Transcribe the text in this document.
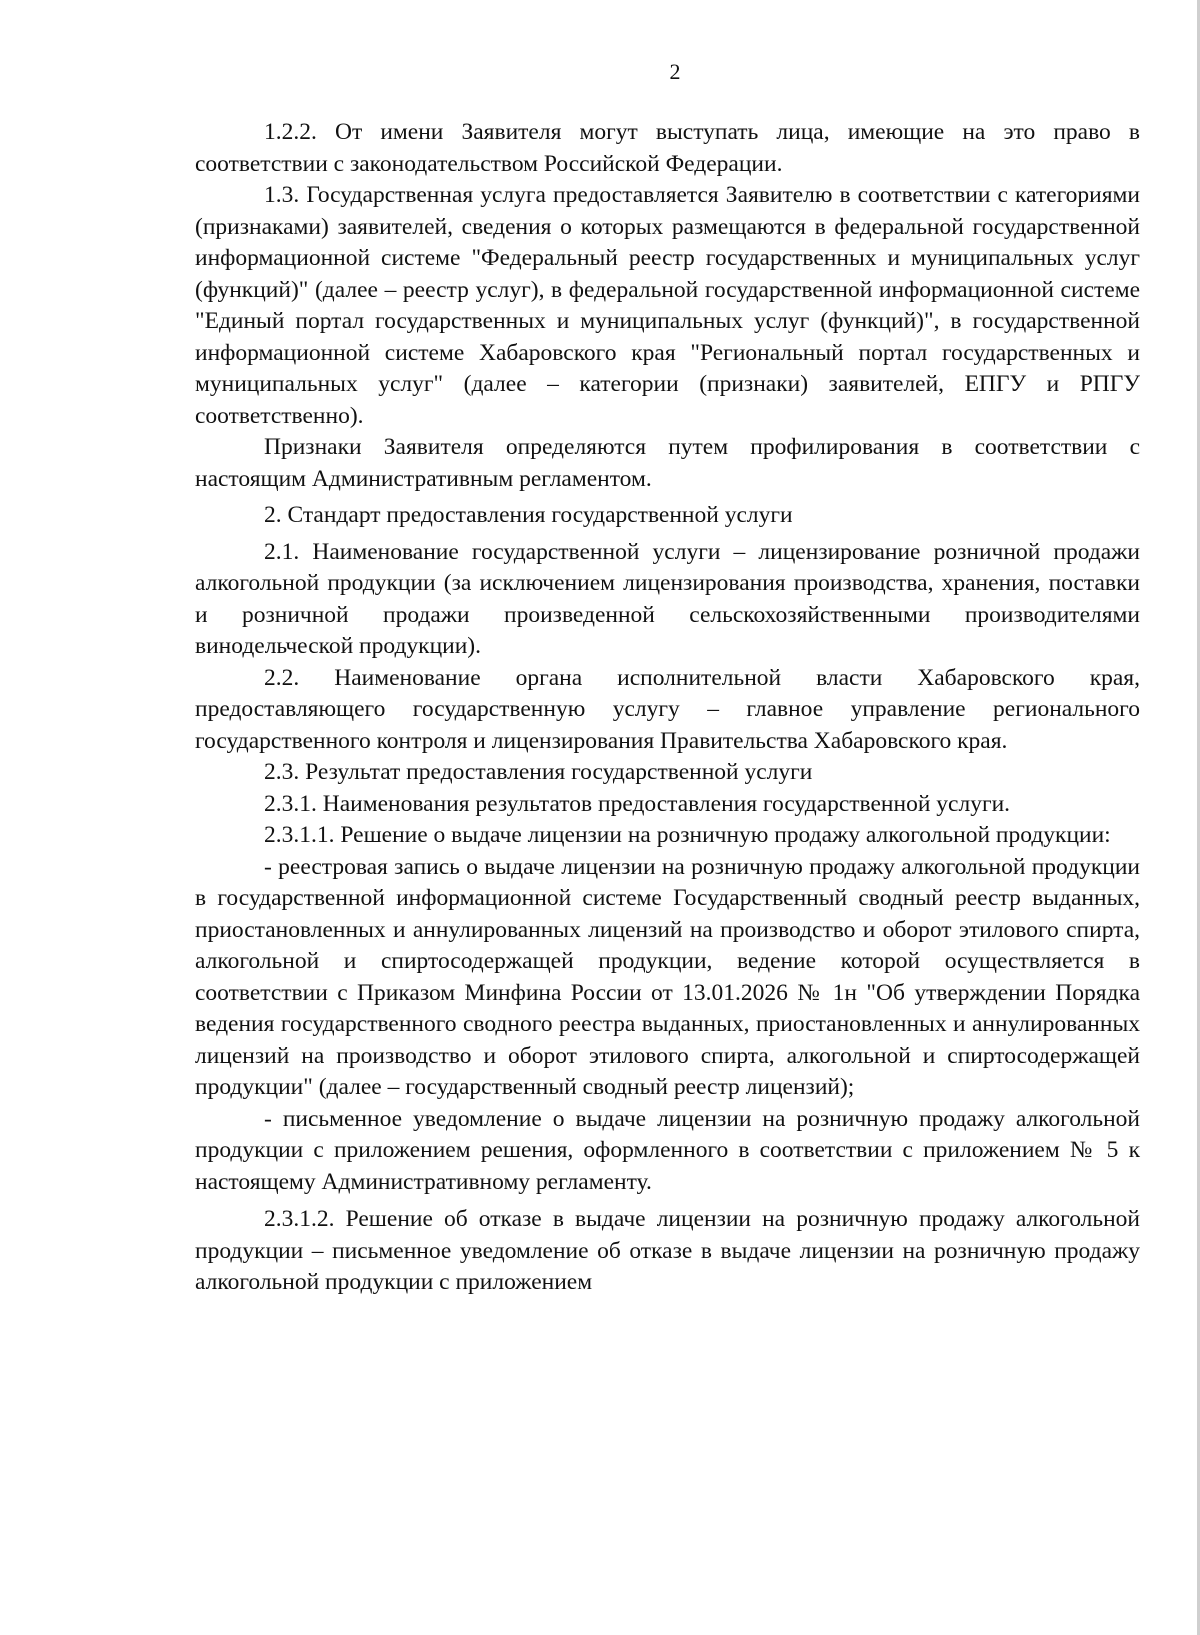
2

1.2.2. От имени Заявителя могут выступать лица, имеющие на это право в соответствии с законодательством Российской Федерации.

1.3. Государственная услуга предоставляется Заявителю в соответствии с категориями (признаками) заявителей, сведения о которых размещаются в федеральной государственной информационной системе "Федеральный реестр государственных и муниципальных услуг (функций)" (далее – реестр услуг), в федеральной государственной информационной системе "Единый портал государственных и муниципальных услуг (функций)", в государственной информационной системе Хабаровского края "Региональный портал государственных и муниципальных услуг" (далее – категории (признаки) заявителей, ЕПГУ и РПГУ соответственно).

Признаки Заявителя определяются путем профилирования в соответствии с настоящим Административным регламентом.

2. Стандарт предоставления государственной услуги

2.1. Наименование государственной услуги – лицензирование розничной продажи алкогольной продукции (за исключением лицензирования производства, хранения, поставки и розничной продажи произведенной сельскохозяйственными производителями винодельческой продукции).

2.2. Наименование органа исполнительной власти Хабаровского края, предоставляющего государственную услугу – главное управление регионального государственного контроля и лицензирования Правительства Хабаровского края.

2.3. Результат предоставления государственной услуги

2.3.1. Наименования результатов предоставления государственной услуги.

2.3.1.1. Решение о выдаче лицензии на розничную продажу алкогольной продукции:

- реестровая запись о выдаче лицензии на розничную продажу алкогольной продукции в государственной информационной системе Государственный сводный реестр выданных, приостановленных и аннулированных лицензий на производство и оборот этилового спирта, алкогольной и спиртосодержащей продукции, ведение которой осуществляется в соответствии с Приказом Минфина России от 13.01.2026 № 1н "Об утверждении Порядка ведения государственного сводного реестра выданных, приостановленных и аннулированных лицензий на производство и оборот этилового спирта, алкогольной и спиртосодержащей продукции" (далее – государственный сводный реестр лицензий);

- письменное уведомление о выдаче лицензии на розничную продажу алкогольной продукции с приложением решения, оформленного в соответствии с приложением № 5 к настоящему Административному регламенту.

2.3.1.2. Решение об отказе в выдаче лицензии на розничную продажу алкогольной продукции – письменное уведомление об отказе в выдаче лицензии на розничную продажу алкогольной продукции с приложением
